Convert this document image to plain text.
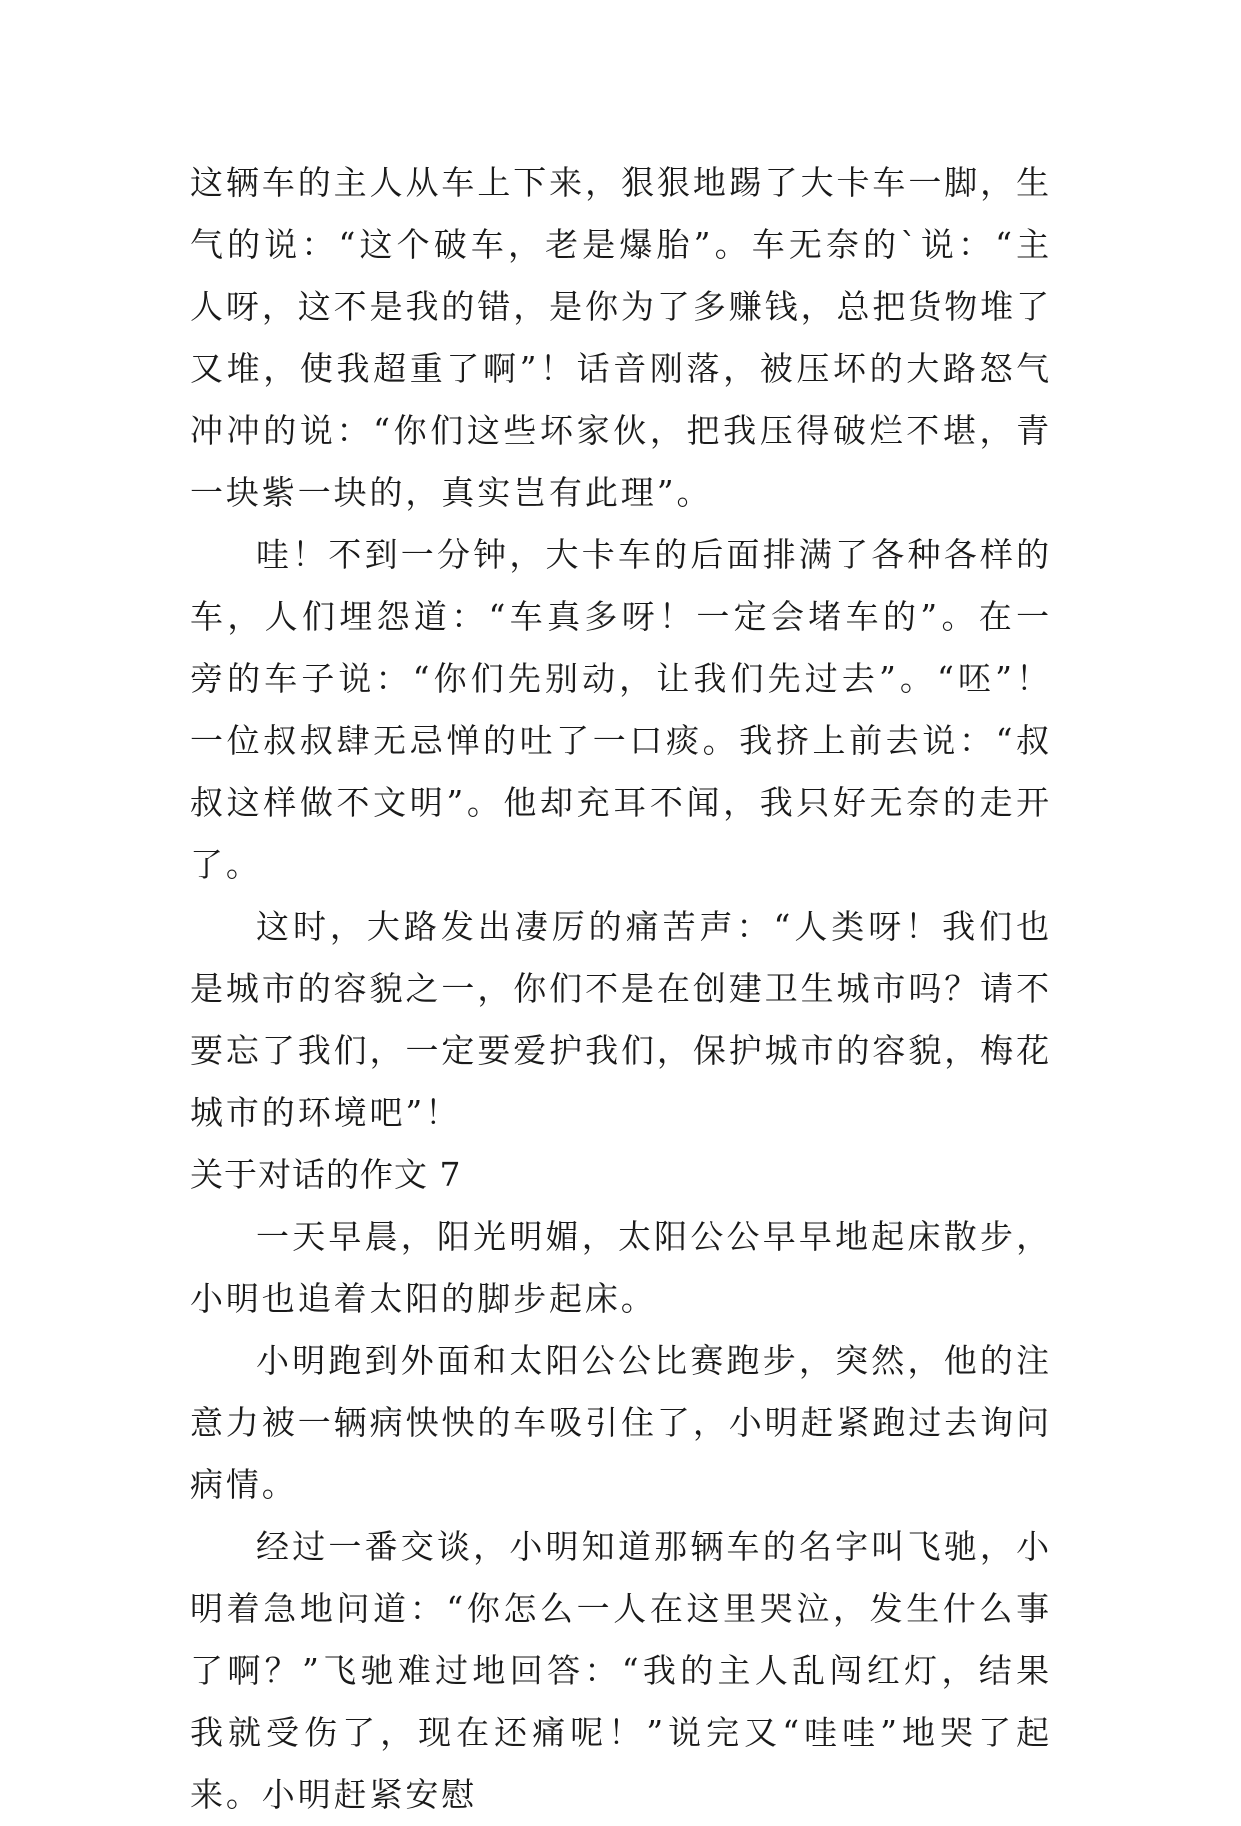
这辆车的主人从车上下来，狠狠地踢了大卡车一脚，生气的说：“这个破车，老是爆胎”。车无奈的`说：“主人呀，这不是我的错，是你为了多赚钱，总把货物堆了又堆，使我超重了啊”！话音刚落，被压坏的大路怒气冲冲的说：“你们这些坏家伙，把我压得破烂不堪，青一块紫一块的，真实岂有此理”。

哇！不到一分钟，大卡车的后面排满了各种各样的车，人们埋怨道：“车真多呀！一定会堵车的”。在一旁的车子说：“你们先别动，让我们先过去”。“呸”！一位叔叔肆无忌惮的吐了一口痰。我挤上前去说：“叔叔这样做不文明”。他却充耳不闻，我只好无奈的走开了。

这时，大路发出凄厉的痛苦声：“人类呀！我们也是城市的容貌之一，你们不是在创建卫生城市吗？请不要忘了我们，一定要爱护我们，保护城市的容貌，梅花城市的环境吧”！

关于对话的作文 7

一天早晨，阳光明媚，太阳公公早早地起床散步，小明也追着太阳的脚步起床。

小明跑到外面和太阳公公比赛跑步，突然，他的注意力被一辆病怏怏的车吸引住了，小明赶紧跑过去询问病情。

经过一番交谈，小明知道那辆车的名字叫飞驰，小明着急地问道：“你怎么一人在这里哭泣，发生什么事了啊？”飞驰难过地回答：“我的主人乱闯红灯，结果我就受伤了，现在还痛呢！”说完又“哇哇”地哭了起来。小明赶紧安慰
